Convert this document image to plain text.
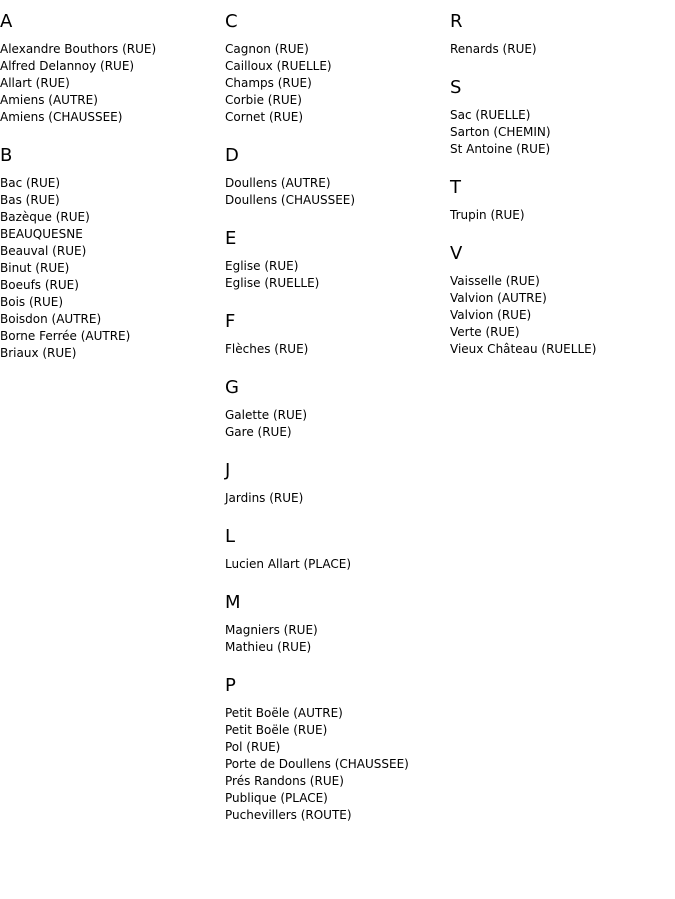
A
Alexandre Bouthors (RUE)
Alfred Delannoy (RUE)
Allart (RUE)
Amiens (AUTRE)
Amiens (CHAUSSEE)
B
Bac (RUE)
Bas (RUE)
Bazèque (RUE)
BEAUQUESNE
Beauval (RUE)
Binut (RUE)
Boeufs (RUE)
Bois (RUE)
Boisdon (AUTRE)
Borne Ferrée (AUTRE)
Briaux (RUE)
C
Cagnon (RUE)
Cailloux (RUELLE)
Champs (RUE)
Corbie (RUE)
Cornet (RUE)
D
Doullens (AUTRE)
Doullens (CHAUSSEE)
E
Eglise (RUE)
Eglise (RUELLE)
F
Flèches (RUE)
G
Galette (RUE)
Gare (RUE)
J
Jardins (RUE)
L
Lucien Allart (PLACE)
M
Magniers (RUE)
Mathieu (RUE)
P
Petit Boële (AUTRE)
Petit Boële (RUE)
Pol (RUE)
Porte de Doullens (CHAUSSEE)
Prés Randons (RUE)
Publique (PLACE)
Puchevillers (ROUTE)
R
Renards (RUE)
S
Sac (RUELLE)
Sarton (CHEMIN)
St Antoine (RUE)
T
Trupin (RUE)
V
Vaisselle (RUE)
Valvion (AUTRE)
Valvion (RUE)
Verte (RUE)
Vieux Château (RUELLE)
